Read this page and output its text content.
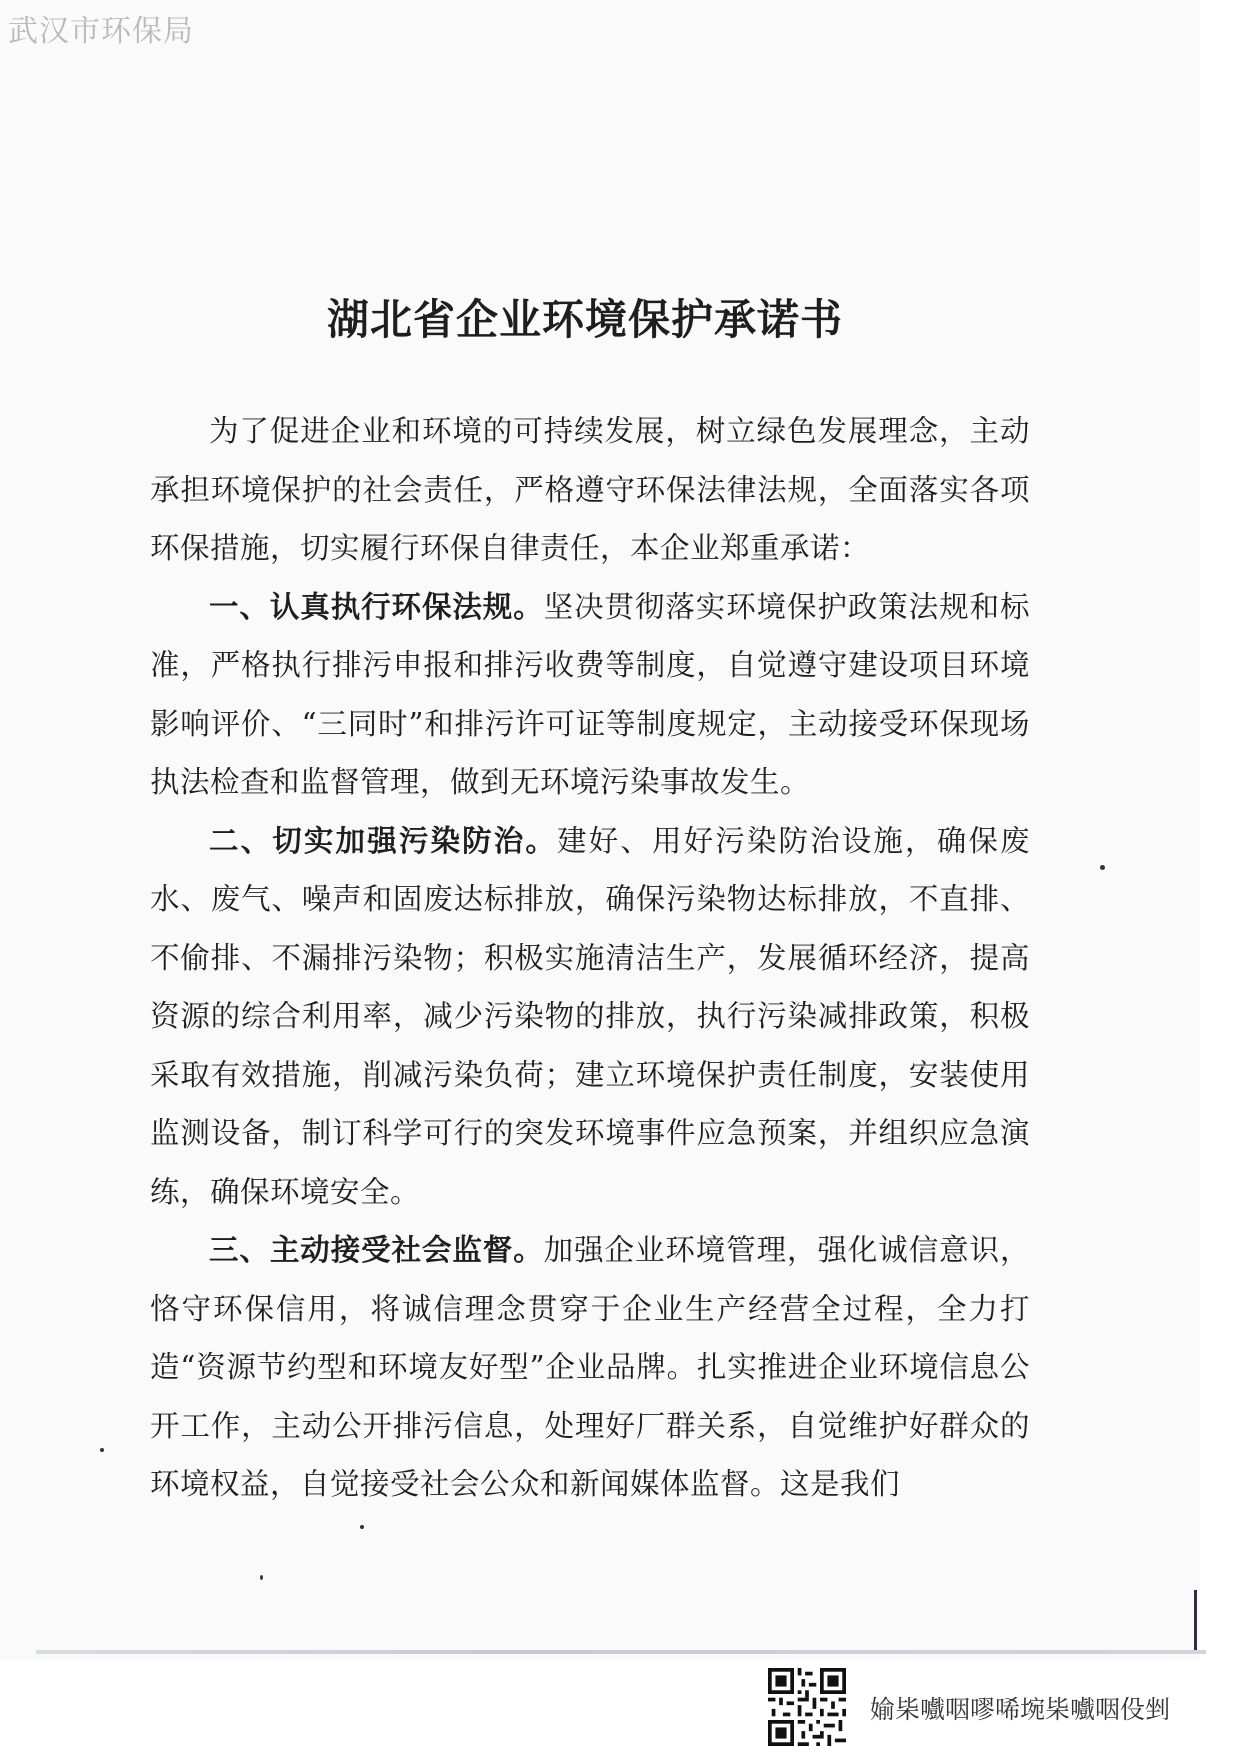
武汉市环保局
湖北省企业环境保护承诺书

为了促进企业和环境的可持续发展，树立绿色发展理念，主动承担环境保护的社会责任，严格遵守环保法律法规，全面落实各项环保措施，切实履行环保自律责任，本企业郑重承诺：

一、认真执行环保法规。坚决贯彻落实环境保护政策法规和标准，严格执行排污申报和排污收费等制度，自觉遵守建设项目环境影响评价、“三同时”和排污许可证等制度规定，主动接受环保现场执法检查和监督管理，做到无环境污染事故发生。

二、切实加强污染防治。建好、用好污染防治设施，确保废水、废气、噪声和固废达标排放，确保污染物达标排放，不直排、不偷排、不漏排污染物；积极实施清洁生产，发展循环经济，提高资源的综合利用率，减少污染物的排放，执行污染减排政策，积极采取有效措施，削减污染负荷；建立环境保护责任制度，安装使用监测设备，制订科学可行的突发环境事件应急预案，并组织应急演练，确保环境安全。

三、主动接受社会监督。加强企业环境管理，强化诚信意识，恪守环保信用，将诚信理念贯穿于企业生产经营全过程，全力打造“资源节约型和环境友好型”企业品牌。扎实推进企业环境信息公开工作，主动公开排污信息，处理好厂群关系，自觉维护好群众的环境权益，自觉接受社会公众和新闻媒体监督。这是我们

媮枈嚱咽嘐唏埦枈嚱咽伇剉
